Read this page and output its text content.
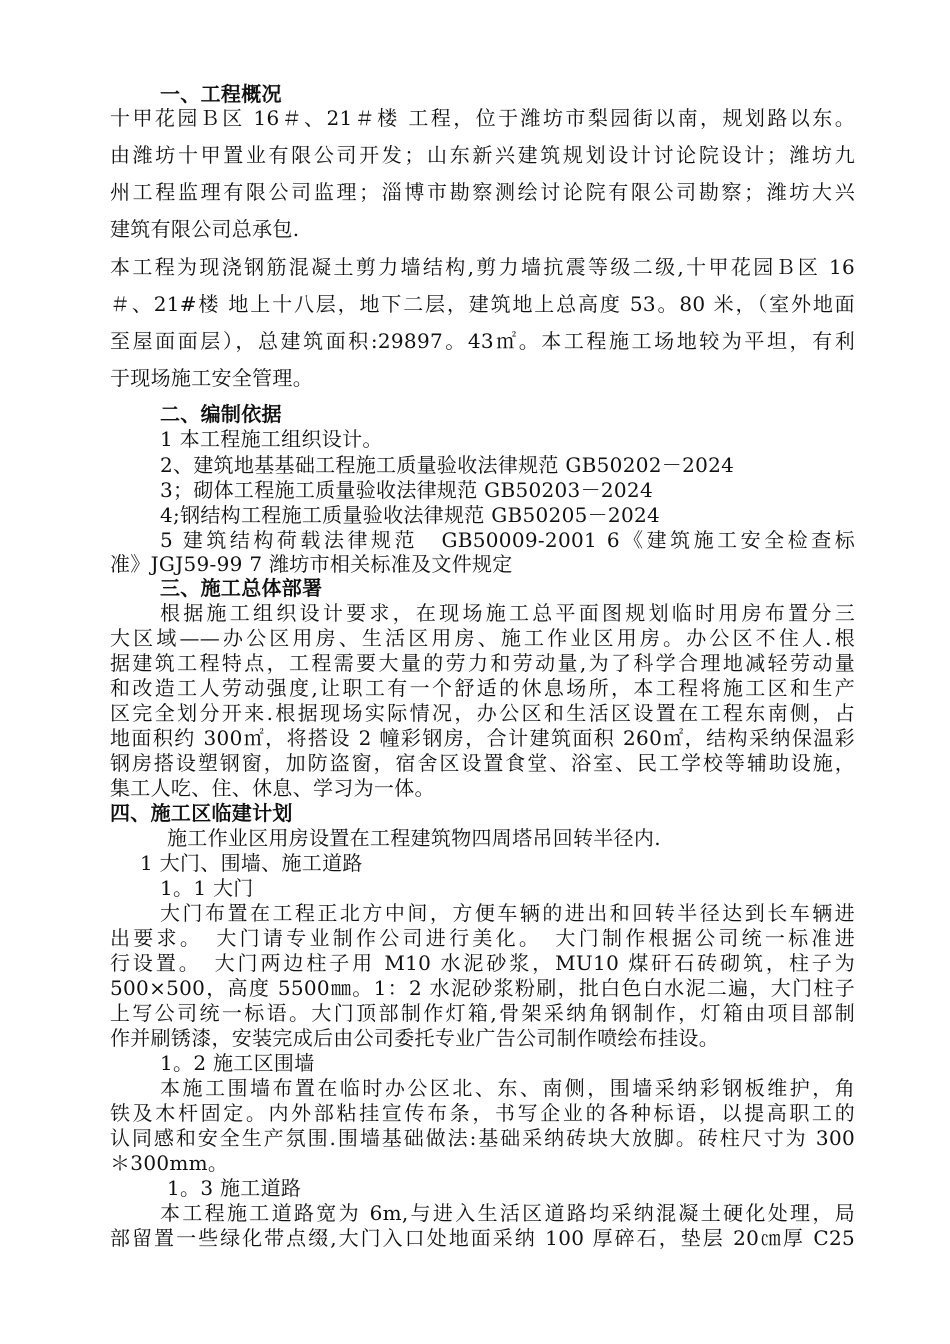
一、工程概况
十甲花园Ｂ区 16＃、21＃楼 工程，位于潍坊市梨园街以南，规划路以东。
由潍坊十甲置业有限公司开发；山东新兴建筑规划设计讨论院设计；潍坊九
州工程监理有限公司监理；淄博市勘察测绘讨论院有限公司勘察；潍坊大兴
建筑有限公司总承包.
本工程为现浇钢筋混凝土剪力墙结构,剪力墙抗震等级二级,十甲花园Ｂ区 16
＃、21#楼 地上十八层，地下二层，建筑地上总高度 53。80 米，（室外地面
至屋面面层），总建筑面积:29897。43㎡。本工程施工场地较为平坦，有利
于现场施工安全管理。
二、编制依据
1 本工程施工组织设计。
2、建筑地基基础工程施工质量验收法律规范 GB50202－2024
3；砌体工程施工质量验收法律规范 GB50203－2024
4;钢结构工程施工质量验收法律规范 GB50205－2024
5 建筑结构荷载法律规范　GB50009-2001 6《建筑施工安全检查标
准》JGJ59-99 7 潍坊市相关标准及文件规定
三、施工总体部署
根据施工组织设计要求，在现场施工总平面图规划临时用房布置分三
大区域——办公区用房、生活区用房、施工作业区用房。办公区不住人.根
据建筑工程特点，工程需要大量的劳力和劳动量,为了科学合理地减轻劳动量
和改造工人劳动强度,让职工有一个舒适的休息场所，本工程将施工区和生产
区完全划分开来.根据现场实际情况，办公区和生活区设置在工程东南侧，占
地面积约 300㎡，将搭设 2 幢彩钢房，合计建筑面积 260㎡，结构采纳保温彩
钢房搭设塑钢窗，加防盗窗，宿舍区设置食堂、浴室、民工学校等辅助设施，
集工人吃、住、休息、学习为一体。
四、施工区临建计划
施工作业区用房设置在工程建筑物四周塔吊回转半径内.
1 大门、围墙、施工道路
1。1 大门
大门布置在工程正北方中间，方便车辆的进出和回转半径达到长车辆进
出要求。　大门请专业制作公司进行美化。　大门制作根据公司统一标准进
行设置。　大门两边柱子用 M10 水泥砂浆，MU10 煤矸石砖砌筑，柱子为
500×500，高度 5500㎜。1：2 水泥砂浆粉刷，批白色白水泥二遍，大门柱子
上写公司统一标语。大门顶部制作灯箱,骨架采纳角钢制作，灯箱由项目部制
作并刷锈漆，安装完成后由公司委托专业广告公司制作喷绘布挂设。
1。2 施工区围墙
本施工围墙布置在临时办公区北、东、南侧，围墙采纳彩钢板维护，角
铁及木杆固定。内外部粘挂宣传布条，书写企业的各种标语，以提高职工的
认同感和安全生产氛围.围墙基础做法:基础采纳砖块大放脚。砖柱尺寸为 300
＊300mm。
1。3 施工道路
本工程施工道路宽为 6m,与进入生活区道路均采纳混凝土硬化处理，局
部留置一些绿化带点缀,大门入口处地面采纳 100 厚碎石，垫层 20㎝厚 C25
